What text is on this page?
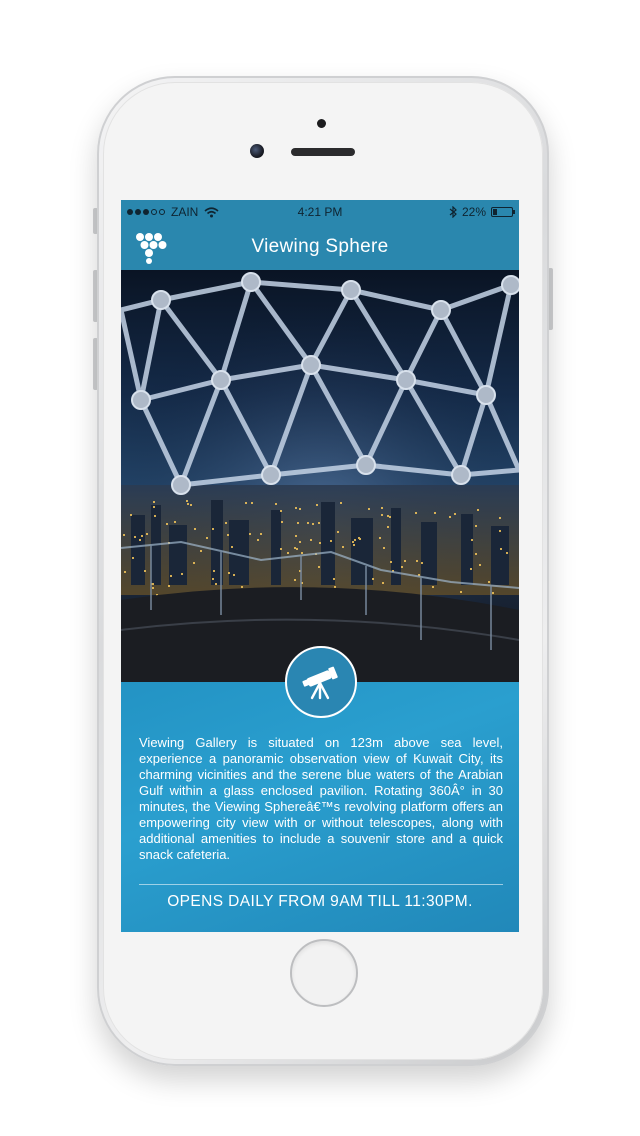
ZAIN	4:21 PM	22%
Viewing Sphere

Viewing Gallery is situated on 123m above sea level, experience a panoramic observation view of Kuwait City, its charming vicinities and the serene blue waters of the Arabian Gulf within a glass enclosed pavilion. Rotating 360Â° in 30 minutes, the Viewing Sphereâ€™s revolving platform offers an empowering city view with or without telescopes, along with additional amenities to include a souvenir store and a quick snack cafeteria.

OPENS DAILY FROM 9AM TILL 11:30PM.
